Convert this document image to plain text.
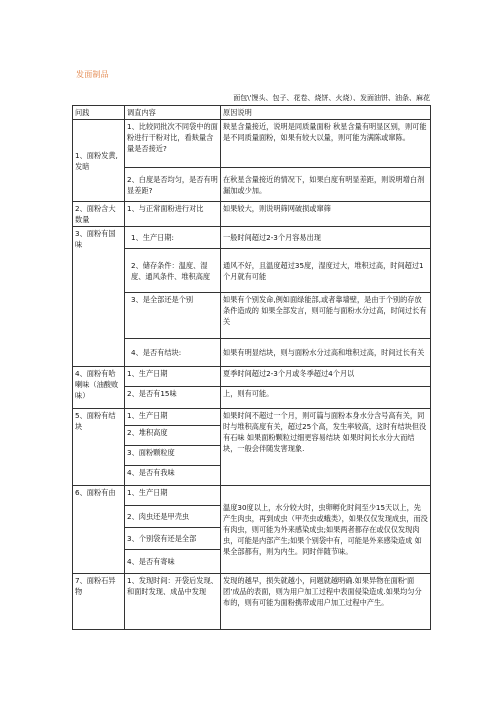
发面制品
面包\'馒头、包子、花卷、烧饼、火烧）、发面油饼、油条、麻花
问践	调直内容	原因说明
1、面粉发黄,发暗	1、比较同批次不同袋中的面粉进行干粉对比，看麸量含量是否接近?	麸星含量接近，说明是同质量面粉 秋星含量有明显区别，则可能是不同质量面粉，如果有较大以量，则可能为满陈或窜陈。
	2、白度是否均匀，是否有明显差距?	在秋星含量接近的情况下，如果白度有明显差距，则说明增白剂漏加或少加。
2、面粉含大数量	1、与正常面粉进行对比	如果较大，则说明筛网破损或窜筛
3、面粉有国味	1、生产日期:	一般时间超过2-3个月容易出现
	2、储存条件：温度、湿度、通风条件、堆积高度	通风不好，且温度超过35度，湿度过大，堆积过高，时间超过1个月就有可能
	3、是全部还是个别	如果有个别发命,例如面绿能部,或者靠墙壁，是由于个别的存放条件造成的 如果全部发言，则可能与面粉水分过高，时间过长有关
	4、是否有结块:	如果有明显结块，则与面粉水分过高和堆积过高，时间过长有关
4、面粉有哈喇味（油酸败味）	1、生产日期	夏季时间超过2-3个月或冬季超过4个月以
	2、是否有15味	上，则有可能。
5、面粉有结块	1、生产日期	如果时间不超过一个月，则可篇与面粉本身水分含号高有关，同时与堆积高度有关，超过25个高，发生率较高，这时有结块但没有石味 如果面粉颗粒过细更容易结块 如果时间长水分大而结块，一般会伴随发害现象.
	2、堆积高度	
	3、面粉颗粒度	
	4、是否有我味	
6、面粉有由	1、生产日期	温度30度以上，水分较大时，虫卵孵化时间至少15天以上，先产生肉虫，再到成虫（甲壳虫或蛾类），如果仅仅发现成虫，而没有肉虫，则可能为外来感染成虫;如果两者都存在或仅仅发现肉虫，可能是内部产生;如果个别袋中有，可能是外来感染造成 如果全部都有，则为内生。同时伴随节味。
	2、肉虫还是甲壳虫	
	3、个别袋有还是全部	
	4、是否有寄味	
7、面粉石异物	1、发现时间：开袋后发现、和面时发现、成品中发现	发现的越早，损失就越小，问题就越明确.如果异物在面粉'面团’成品的表面，则为用户加工过程中表面侵染造成.如果均匀分布的，则有可能为面粉携带或用户加工过程中产生。
